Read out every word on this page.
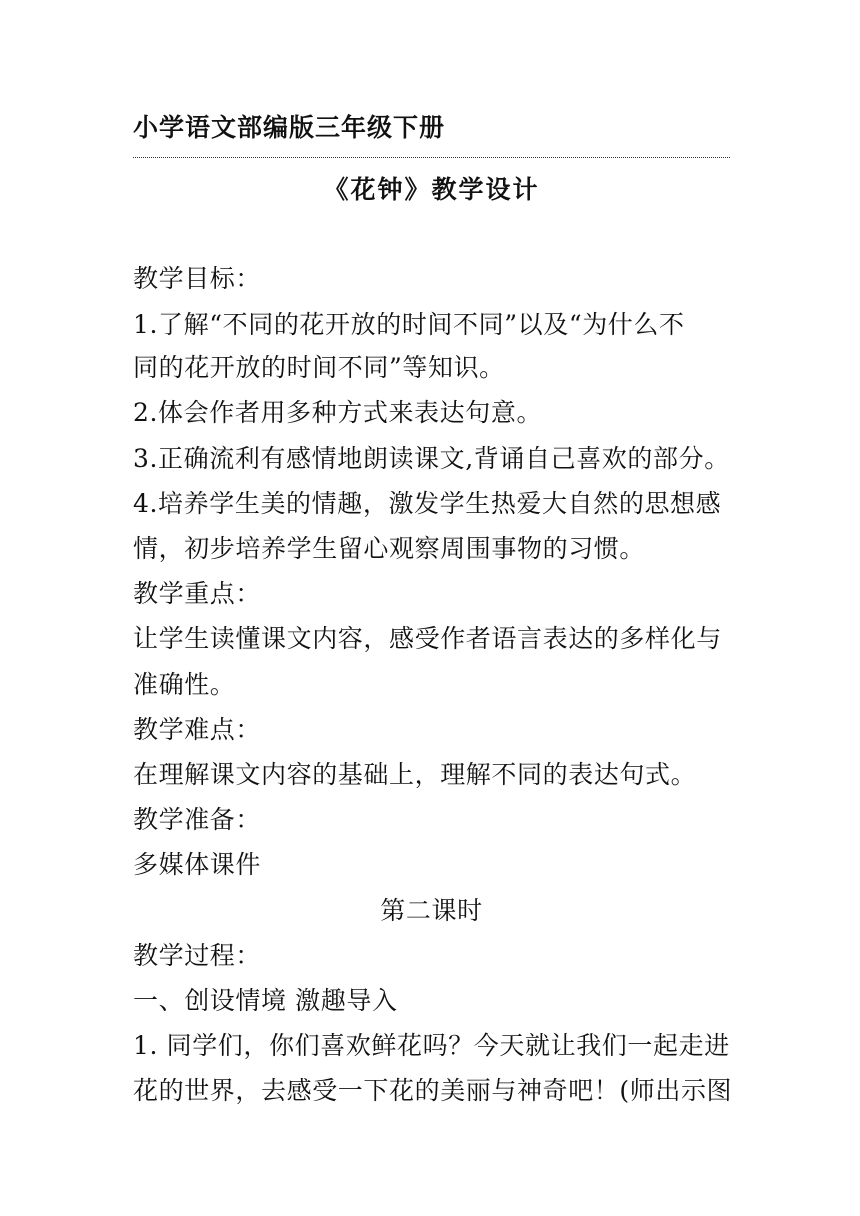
小学语文部编版三年级下册
《花钟》教学设计
教学目标：
1.了解“不同的花开放的时间不同”以及“为什么不
同的花开放的时间不同”等知识。
2.体会作者用多种方式来表达句意。
3.正确流利有感情地朗读课文,背诵自己喜欢的部分。
4.培养学生美的情趣，激发学生热爱大自然的思想感
情，初步培养学生留心观察周围事物的习惯。
教学重点：
让学生读懂课文内容，感受作者语言表达的多样化与
准确性。
教学难点：
在理解课文内容的基础上，理解不同的表达句式。
教学准备：
多媒体课件
第二课时
教学过程：
一、创设情境 激趣导入
1. 同学们，你们喜欢鲜花吗？今天就让我们一起走进
花的世界，去感受一下花的美丽与神奇吧！(师出示图
